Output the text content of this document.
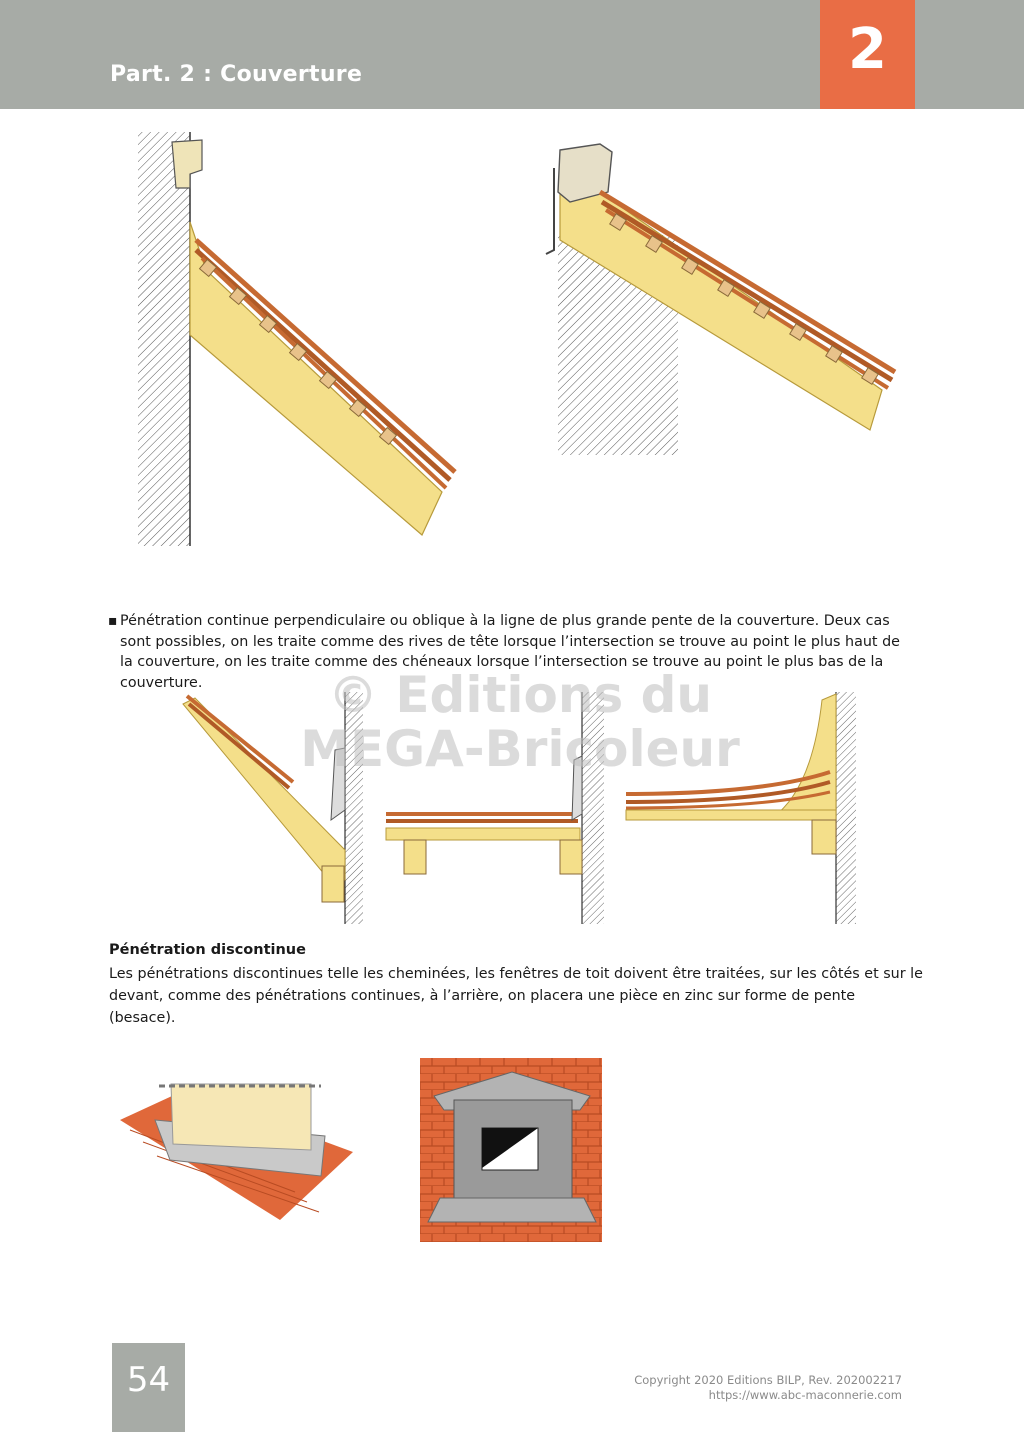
Part. 2 : Couverture	2
▪ Pénétration continue perpendiculaire ou oblique à la ligne de plus grande pente de la couverture. Deux cas sont possibles, on les traite comme des rives de tête lorsque l’intersection se trouve au point le plus haut de la couverture, on les traite comme des chéneaux lorsque l’intersection se trouve au point le plus bas de la couverture.	© Editions du
MEGA-Bricoleur
Pénétration discontinue
Les pénétrations discontinues telle les cheminées, les fenêtres de toit doivent être traitées, sur les côtés et sur le devant, comme des pénétrations continues, à l’arrière, on placera une pièce en zinc sur forme de pente (besace).
54	Copyright 2020 Editions BILP, Rev. 202002217
https://www.abc-maconnerie.com
